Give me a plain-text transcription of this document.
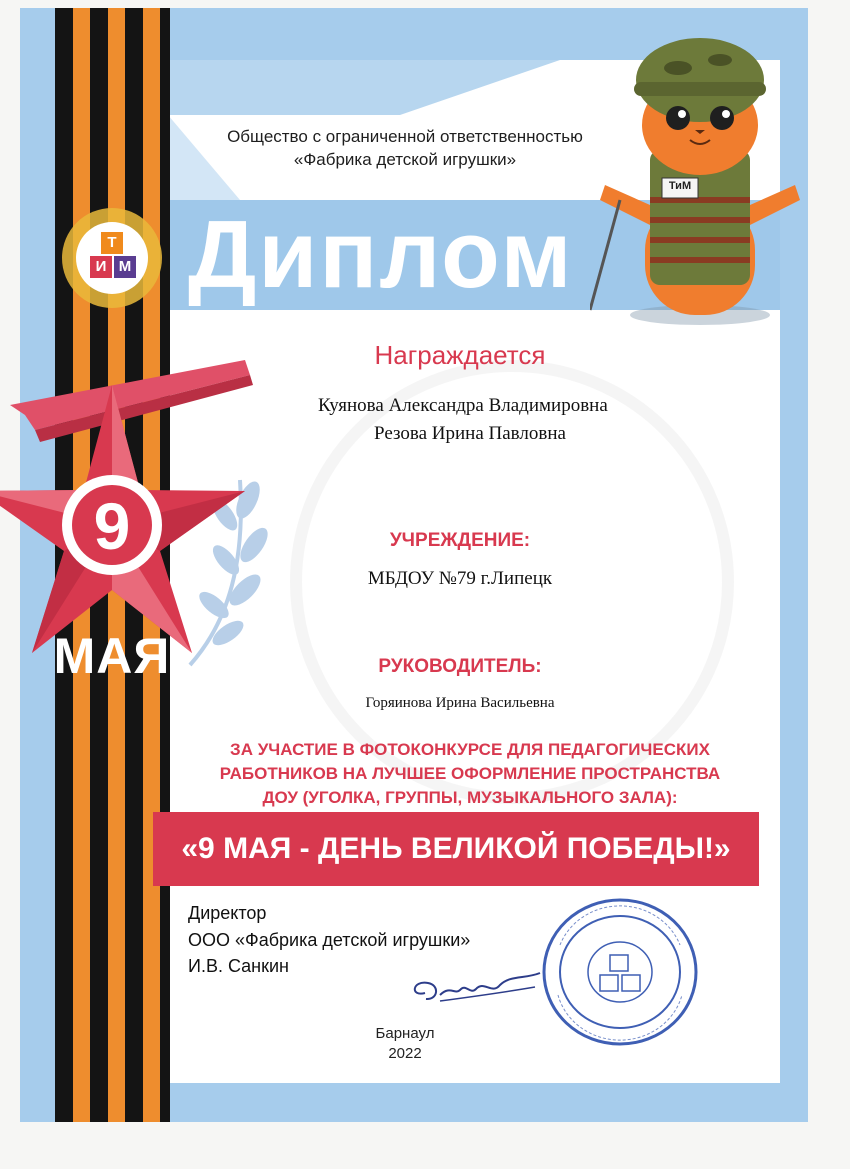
9
МАЯ
Т
И М
Общество с ограниченной ответственностью
«Фабрика детской игрушки»
Диплом
ТиМ
Награждается
Куянова Александра Владимировна
Резова Ирина Павловна
УЧРЕЖДЕНИЕ:
МБДОУ №79 г.Липецк
РУКОВОДИТЕЛЬ:
Горяинова Ирина Васильевна
ЗА УЧАСТИЕ В ФОТОКОНКУРСЕ ДЛЯ ПЕДАГОГИЧЕСКИХ
РАБОТНИКОВ НА ЛУЧШЕЕ ОФОРМЛЕНИЕ ПРОСТРАНСТВА
ДОУ (УГОЛКА, ГРУППЫ, МУЗЫКАЛЬНОГО ЗАЛА):
«9 МАЯ - ДЕНЬ ВЕЛИКОЙ ПОБЕДЫ!»
Директор
ООО «Фабрика детской игрушки»
И.В. Санкин
Барнаул
2022
